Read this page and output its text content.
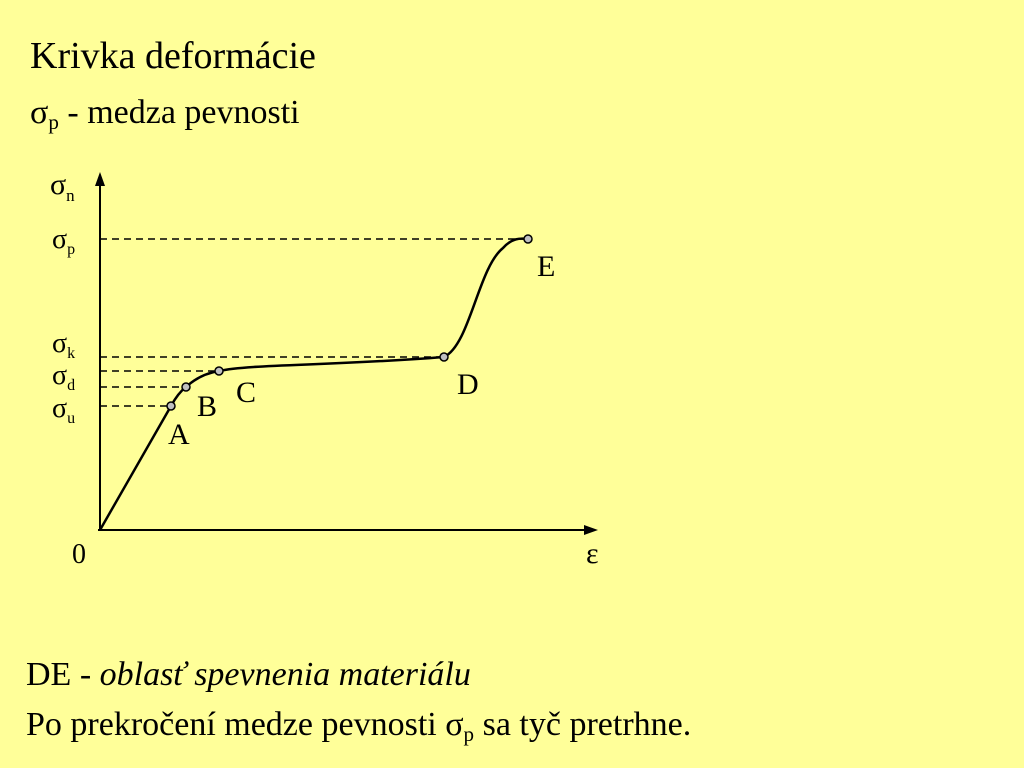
Krivka deformácie
σp - medza pevnosti
A
B C	D
E
$\sigma_n$
ε
0
$\sigma_p$
$\sigma_k$
$\sigma_d$
$\sigma_u$
DE - oblasť spevnenia materiálu
Po prekročení medze pevnosti σp sa tyč pretrhne.
